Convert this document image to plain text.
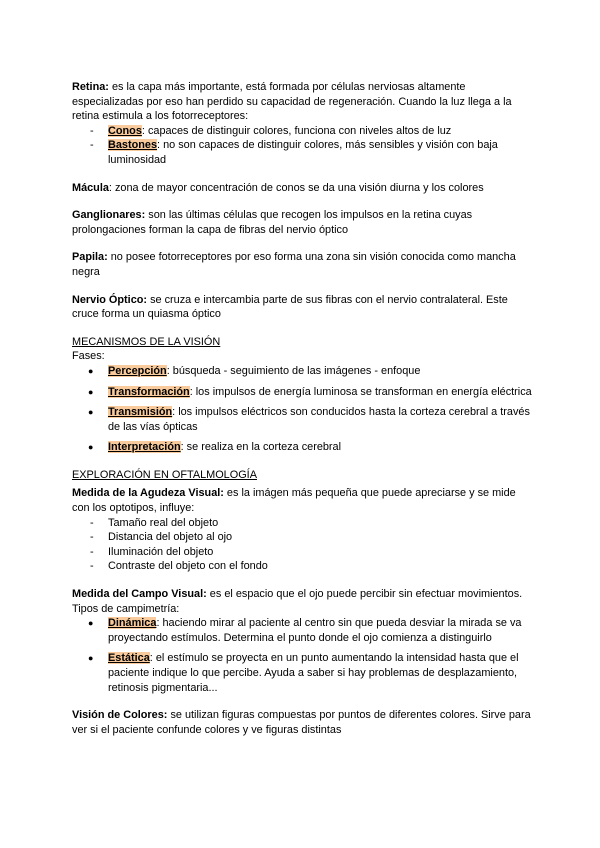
Retina: es la capa más importante, está formada por células nerviosas altamente especializadas por eso han perdido su capacidad de regeneración. Cuando la luz llega a la retina estimula a los fotorreceptores:

- Conos: capaces de distinguir colores, funciona con niveles altos de luz
- Bastones: no son capaces de distinguir colores, más sensibles y visión con baja luminosidad

Mácula: zona de mayor concentración de conos se da una visión diurna y los colores

Ganglionares: son las últimas células que recogen los impulsos en la retina cuyas prolongaciones forman la capa de fibras del nervio óptico

Papila: no posee fotorreceptores por eso forma una zona sin visión conocida como mancha negra

Nervio Óptico: se cruza e intercambia parte de sus fibras con el nervio contralateral. Este cruce forma un quiasma óptico

MECANISMOS DE LA VISIÓN

Fases:

● Percepción: búsqueda - seguimiento de las imágenes - enfoque
● Transformación: los impulsos de energía luminosa se transforman en energía eléctrica
● Transmisión: los impulsos eléctricos son conducidos hasta la corteza cerebral a través de las vías ópticas
● Interpretación: se realiza en la corteza cerebral

EXPLORACIÓN EN OFTALMOLOGÍA

Medida de la Agudeza Visual: es la imágen más pequeña que puede apreciarse y se mide con los optotipos, influye:

- Tamaño real del objeto
- Distancia del objeto al ojo
- Iluminación del objeto
- Contraste del objeto con el fondo

Medida del Campo Visual: es el espacio que el ojo puede percibir sin efectuar movimientos.

Tipos de campimetría:

● Dinámica: haciendo mirar al paciente al centro sin que pueda desviar la mirada se va proyectando estímulos. Determina el punto donde el ojo comienza a distinguirlo
● Estática: el estímulo se proyecta en un punto aumentando la intensidad hasta que el paciente indique lo que percibe. Ayuda a saber si hay problemas de desplazamiento, retinosis pigmentaria...

Visión de Colores: se utilizan figuras compuestas por puntos de diferentes colores. Sirve para ver si el paciente confunde colores y ve figuras distintas
